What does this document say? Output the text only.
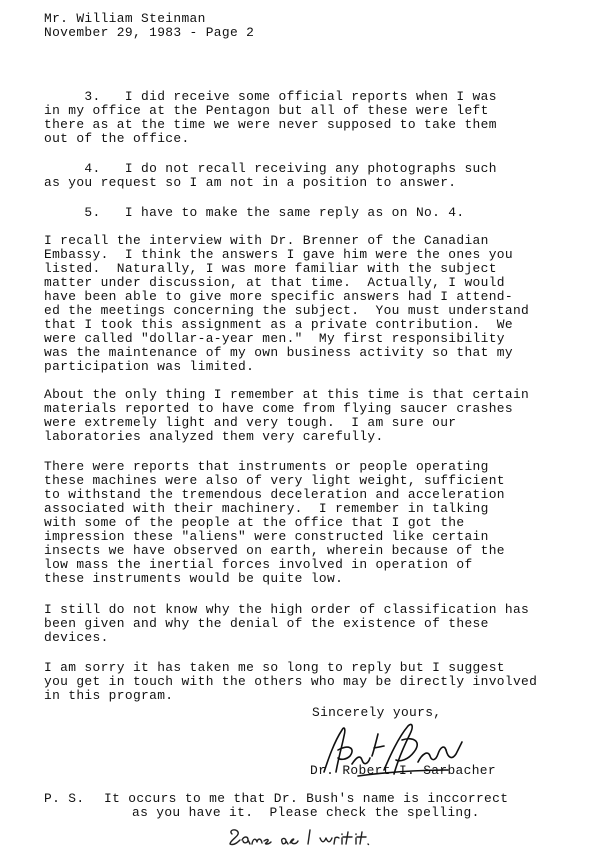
Mr. William Steinman
November 29, 1983 - Page 2
3.   I did receive some official reports when I was
in my office at the Pentagon but all of these were left
there as at the time we were never supposed to take them
out of the office.
4.   I do not recall receiving any photographs such
as you request so I am not in a position to answer.
5.   I have to make the same reply as on No. 4.
I recall the interview with Dr. Brenner of the Canadian
Embassy.  I think the answers I gave him were the ones you
listed.  Naturally, I was more familiar with the subject
matter under discussion, at that time.  Actually, I would
have been able to give more specific answers had I attend-
ed the meetings concerning the subject.  You must understand
that I took this assignment as a private contribution.  We
were called "dollar-a-year men."  My first responsibility
was the maintenance of my own business activity so that my
participation was limited.
About the only thing I remember at this time is that certain
materials reported to have come from flying saucer crashes
were extremely light and very tough.  I am sure our
laboratories analyzed them very carefully.
There were reports that instruments or people operating
these machines were also of very light weight, sufficient
to withstand the tremendous deceleration and acceleration
associated with their machinery.  I remember in talking
with some of the people at the office that I got the
impression these "aliens" were constructed like certain
insects we have observed on earth, wherein because of the
low mass the inertial forces involved in operation of
these instruments would be quite low.
I still do not know why the high order of classification has
been given and why the denial of the existence of these
devices.
I am sorry it has taken me so long to reply but I suggest
you get in touch with the others who may be directly involved
in this program.
Sincerely yours,
Dr. Robert I. Sarbacher
P. S. It occurs to me that Dr. Bush's name is inccorrect
as you have it.  Please check the spelling.
